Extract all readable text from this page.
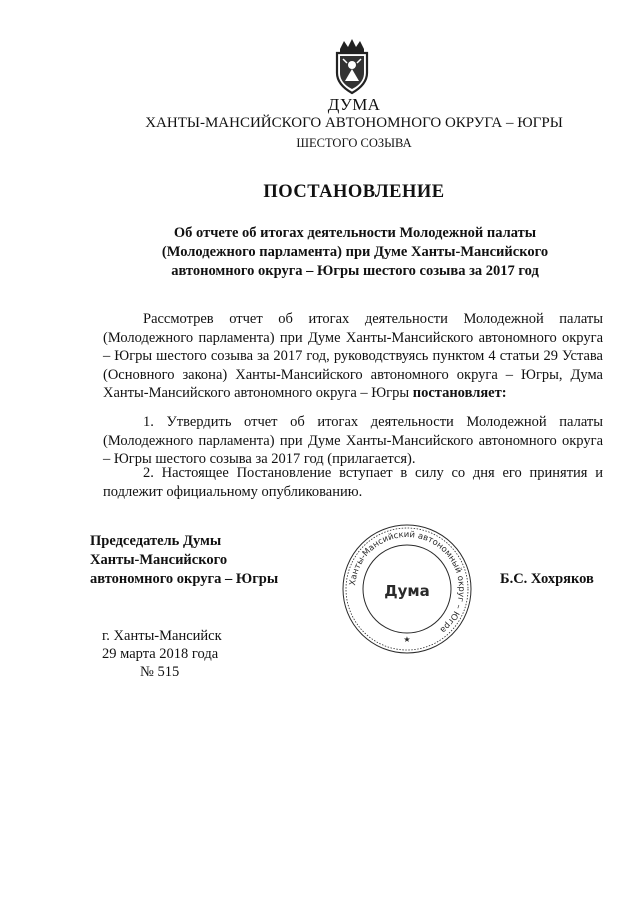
ДУМА
ХАНТЫ-МАНСИЙСКОГО АВТОНОМНОГО ОКРУГА – ЮГРЫ
ШЕСТОГО СОЗЫВА
ПОСТАНОВЛЕНИЕ
Об отчете об итогах деятельности Молодежной палаты
(Молодежного парламента) при Думе Ханты-Мансийского
автономного округа – Югры шестого созыва за 2017 год
Рассмотрев отчет об итогах деятельности Молодежной палаты (Молодежного парламента) при Думе Ханты-Мансийского автономного округа – Югры шестого созыва за 2017 год, руководствуясь пунктом 4 статьи 29 Устава (Основного закона) Ханты-Мансийского автономного округа – Югры, Дума Ханты-Мансийского автономного округа – Югры постановляет:
1. Утвердить отчет об итогах деятельности Молодежной палаты (Молодежного парламента) при Думе Ханты-Мансийского автономного округа – Югры шестого созыва за 2017 год (прилагается).
2. Настоящее Постановление вступает в силу со дня его принятия и подлежит официальному опубликованию.
Председатель Думы
Ханты-Мансийского
автономного округа – Югры	Ханты-Мансийский автономный округ – Югра
Дума
★
Б.С. Хохряков
г. Ханты-Мансийск
29 марта 2018 года
№ 515
